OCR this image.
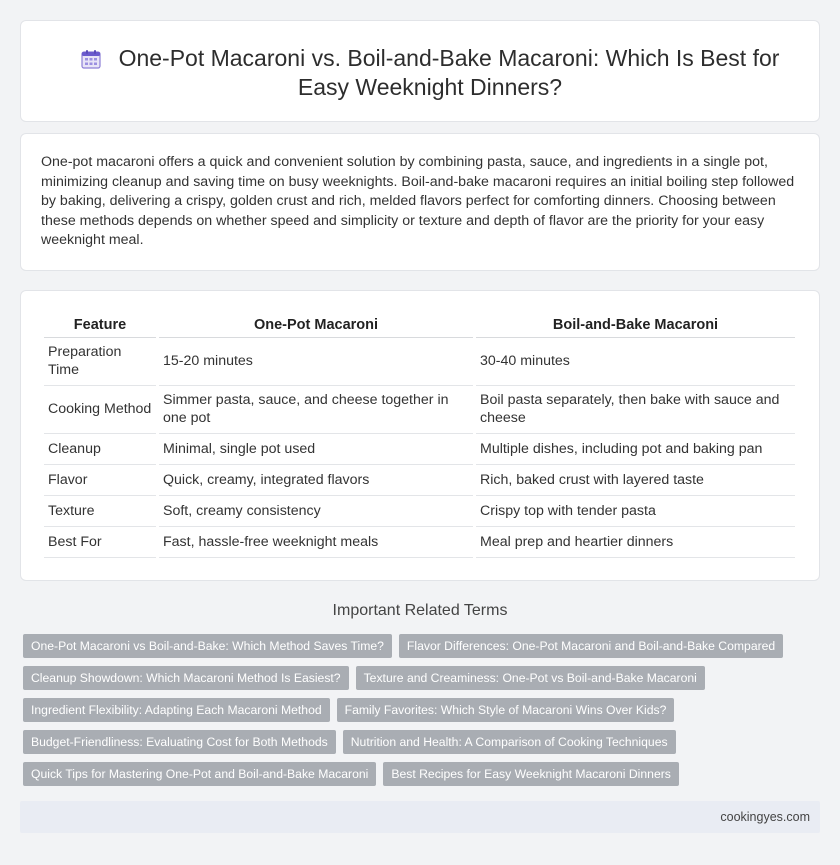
One-Pot Macaroni vs. Boil-and-Bake Macaroni: Which Is Best for Easy Weeknight Dinners?

One-pot macaroni offers a quick and convenient solution by combining pasta, sauce, and ingredients in a single pot, minimizing cleanup and saving time on busy weeknights. Boil-and-bake macaroni requires an initial boiling step followed by baking, delivering a crispy, golden crust and rich, melded flavors perfect for comforting dinners. Choosing between these methods depends on whether speed and simplicity or texture and depth of flavor are the priority for your easy weeknight meal.

Feature	One-Pot Macaroni	Boil-and-Bake Macaroni
Preparation Time	15-20 minutes	30-40 minutes
Cooking Method	Simmer pasta, sauce, and cheese together in one pot	Boil pasta separately, then bake with sauce and cheese
Cleanup	Minimal, single pot used	Multiple dishes, including pot and baking pan
Flavor	Quick, creamy, integrated flavors	Rich, baked crust with layered taste
Texture	Soft, creamy consistency	Crispy top with tender pasta
Best For	Fast, hassle-free weeknight meals	Meal prep and heartier dinners
Important Related Terms
One-Pot Macaroni vs Boil-and-Bake: Which Method Saves Time?	Flavor Differences: One-Pot Macaroni and Boil-and-Bake Compared
Cleanup Showdown: Which Macaroni Method Is Easiest?	Texture and Creaminess: One-Pot vs Boil-and-Bake Macaroni
Ingredient Flexibility: Adapting Each Macaroni Method	Family Favorites: Which Style of Macaroni Wins Over Kids?
Budget-Friendliness: Evaluating Cost for Both Methods	Nutrition and Health: A Comparison of Cooking Techniques
Quick Tips for Mastering One-Pot and Boil-and-Bake Macaroni	Best Recipes for Easy Weeknight Macaroni Dinners
cookingyes.com
